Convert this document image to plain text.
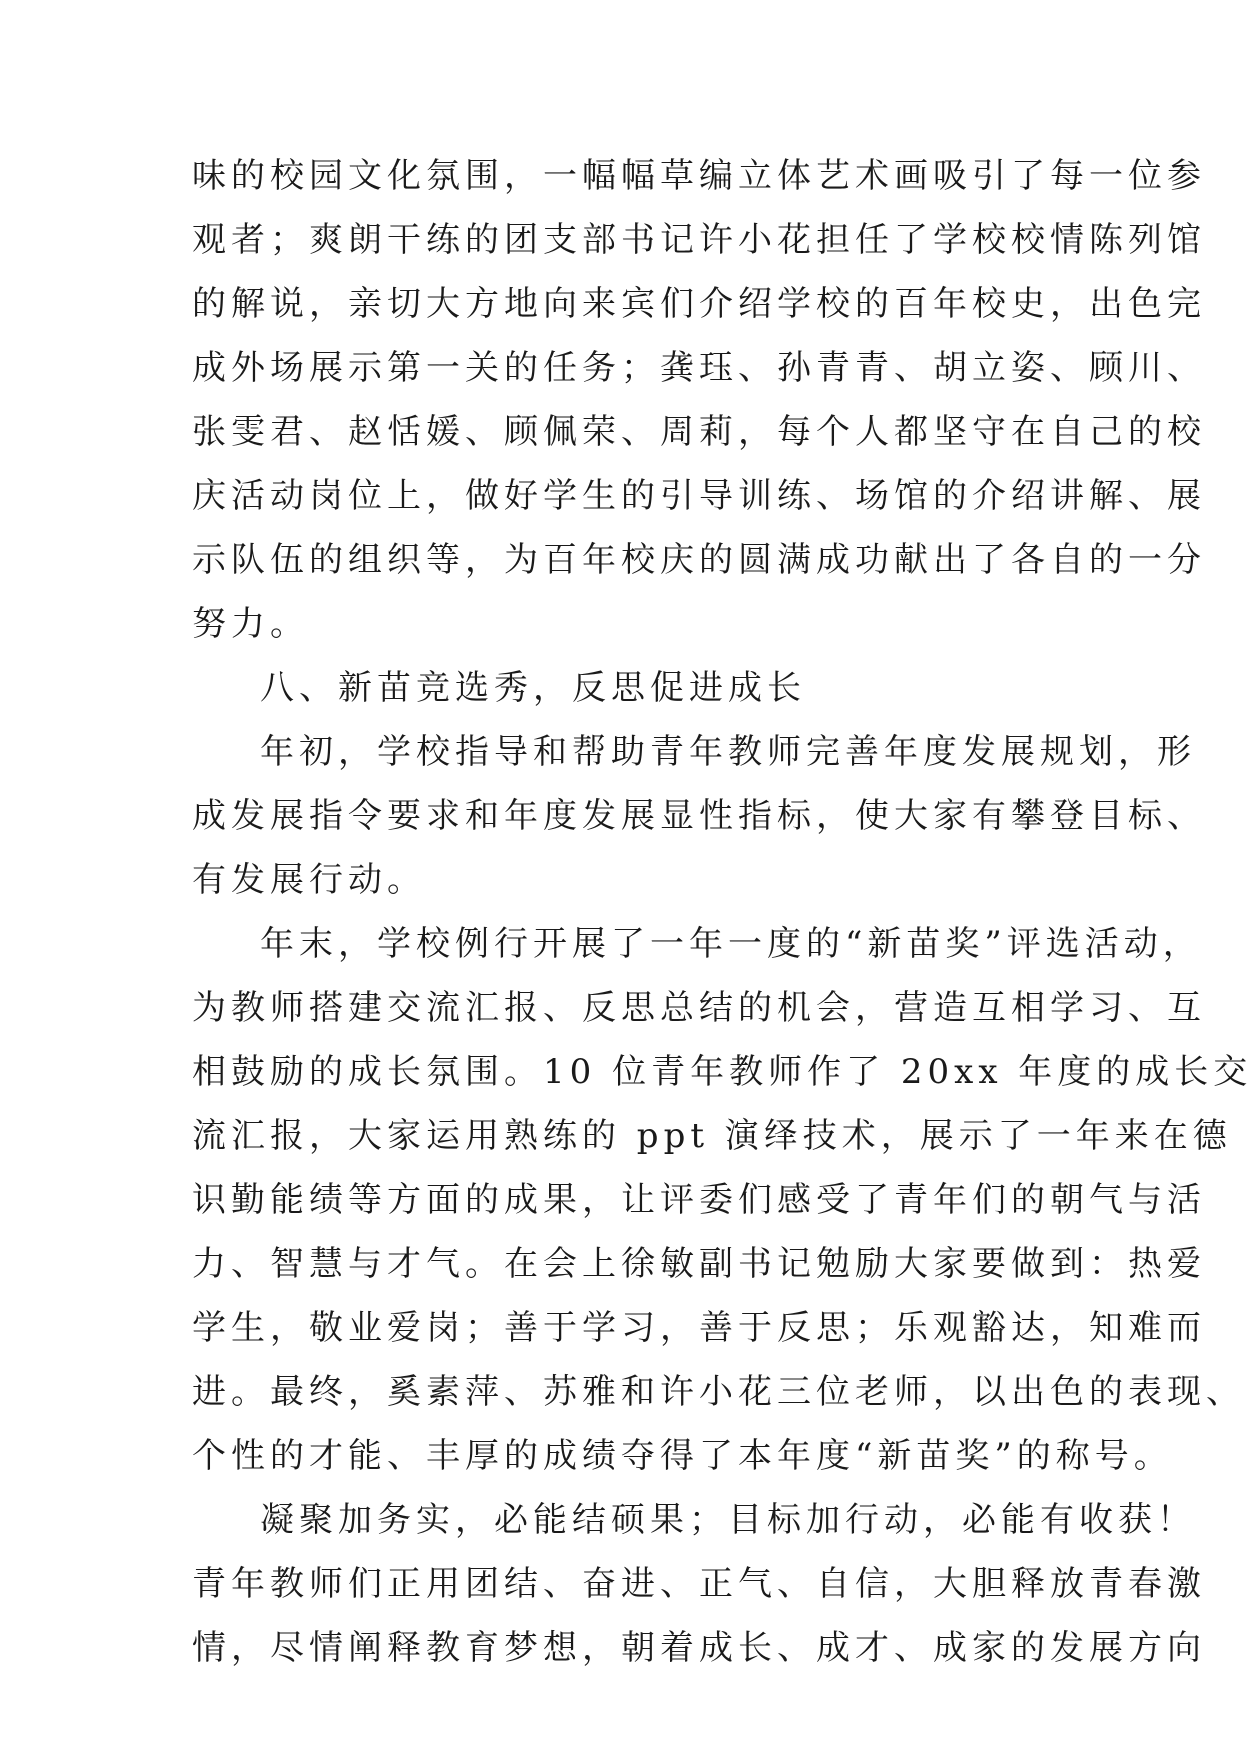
味的校园文化氛围，一幅幅草编立体艺术画吸引了每一位参
观者；爽朗干练的团支部书记许小花担任了学校校情陈列馆
的解说，亲切大方地向来宾们介绍学校的百年校史，出色完
成外场展示第一关的任务；龚珏、孙青青、胡立姿、顾川、
张雯君、赵恬媛、顾佩荣、周莉，每个人都坚守在自己的校
庆活动岗位上，做好学生的引导训练、场馆的介绍讲解、展
示队伍的组织等，为百年校庆的圆满成功献出了各自的一分
努力。
八、新苗竞选秀，反思促进成长
年初，学校指导和帮助青年教师完善年度发展规划，形
成发展指令要求和年度发展显性指标，使大家有攀登目标、
有发展行动。
年末，学校例行开展了一年一度的“新苗奖”评选活动，
为教师搭建交流汇报、反思总结的机会，营造互相学习、互
相鼓励的成长氛围。10 位青年教师作了 20xx 年度的成长交
流汇报，大家运用熟练的 ppt 演绎技术，展示了一年来在德
识勤能绩等方面的成果，让评委们感受了青年们的朝气与活
力、智慧与才气。在会上徐敏副书记勉励大家要做到：热爱
学生，敬业爱岗；善于学习，善于反思；乐观豁达，知难而
进。最终，奚素萍、苏雅和许小花三位老师，以出色的表现、
个性的才能、丰厚的成绩夺得了本年度“新苗奖”的称号。
凝聚加务实，必能结硕果；目标加行动，必能有收获！
青年教师们正用团结、奋进、正气、自信，大胆释放青春激
情，尽情阐释教育梦想，朝着成长、成才、成家的发展方向
